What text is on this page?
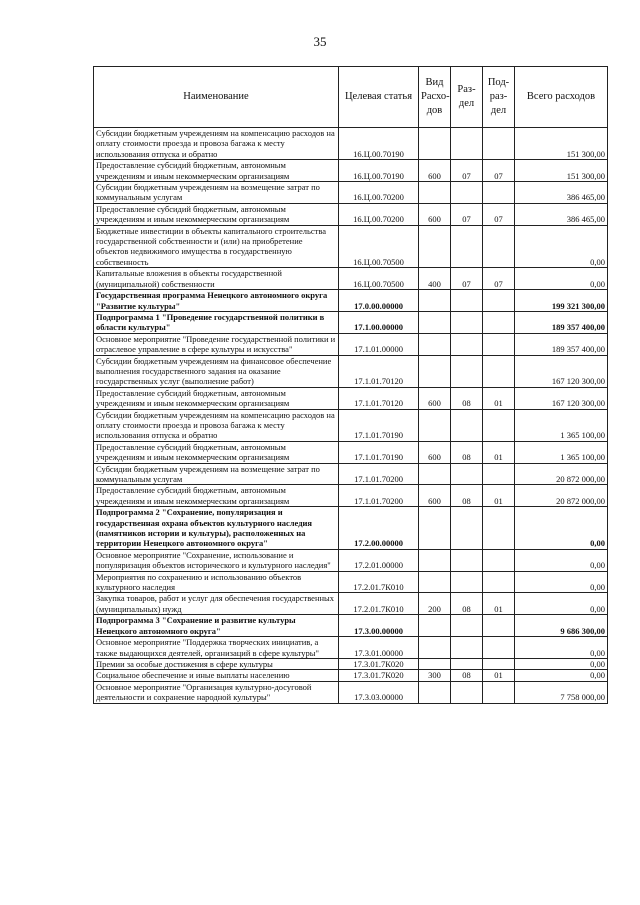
35
Наименование	Целевая статья	Вид Расхо- дов	Раз- дел	Под- раз- дел	Всего расходов
Субсидии бюджетным учреждениям на компенсацию расходов на оплату стоимости проезда и провоза багажа к месту использования отпуска и обратно	16.Ц.00.70190				151 300,00
Предоставление субсидий бюджетным, автономным учреждениям и иным некоммерческим организациям	16.Ц.00.70190	600	07	07	151 300,00
Субсидии бюджетным учреждениям на возмещение затрат по коммунальным услугам	16.Ц.00.70200				386 465,00
Предоставление субсидий бюджетным, автономным учреждениям и иным некоммерческим организациям	16.Ц.00.70200	600	07	07	386 465,00
Бюджетные инвестиции в объекты капитального строительства государственной собственности и (или) на приобретение объектов недвижимого имущества в государственную собственность	16.Ц.00.70500				0,00
Капитальные вложения в объекты государственной (муниципальной) собственности	16.Ц.00.70500	400	07	07	0,00
Государственная программа Ненецкого автономного округа "Развитие культуры"	17.0.00.00000				199 321 300,00
Подпрограмма 1 "Проведение государственной политики в области культуры"	17.1.00.00000				189 357 400,00
Основное мероприятие "Проведение государственной политики и отраслевое управление в сфере культуры и искусства"	17.1.01.00000				189 357 400,00
Субсидии бюджетным учреждениям на финансовое обеспечение выполнения государственного задания на оказание государственных услуг (выполнение работ)	17.1.01.70120				167 120 300,00
Предоставление субсидий бюджетным, автономным учреждениям и иным некоммерческим организациям	17.1.01.70120	600	08	01	167 120 300,00
Субсидии бюджетным учреждениям на компенсацию расходов на оплату стоимости проезда и провоза багажа к месту использования отпуска и обратно	17.1.01.70190				1 365 100,00
Предоставление субсидий бюджетным, автономным учреждениям и иным некоммерческим организациям	17.1.01.70190	600	08	01	1 365 100,00
Субсидии бюджетным учреждениям на возмещение затрат по коммунальным услугам	17.1.01.70200				20 872 000,00
Предоставление субсидий бюджетным, автономным учреждениям и иным некоммерческим организациям	17.1.01.70200	600	08	01	20 872 000,00
Подпрограмма 2 "Сохранение, популяризация и государственная охрана объектов культурного наследия (памятников истории и культуры), расположенных на территории Ненецкого автономного округа"	17.2.00.00000				0,00
Основное мероприятие "Сохранение, использование и популяризация объектов исторического и культурного наследия"	17.2.01.00000				0,00
Мероприятия по сохранению и использованию объектов культурного наследия	17.2.01.7К010				0,00
Закупка товаров, работ и услуг для обеспечения государственных (муниципальных) нужд	17.2.01.7К010	200	08	01	0,00
Подпрограмма 3 "Сохранение и развитие культуры Ненецкого автономного округа"	17.3.00.00000				9 686 300,00
Основное мероприятие "Поддержка творческих инициатив, а также выдающихся деятелей, организаций в сфере культуры"	17.3.01.00000				0,00
Премии за особые достижения в сфере культуры	17.3.01.7К020				0,00
Социальное обеспечение и иные выплаты населению	17.3.01.7К020	300	08	01	0,00
Основное мероприятие "Организация культурно-досуговой деятельности и сохранение народной культуры"	17.3.03.00000				7 758 000,00
